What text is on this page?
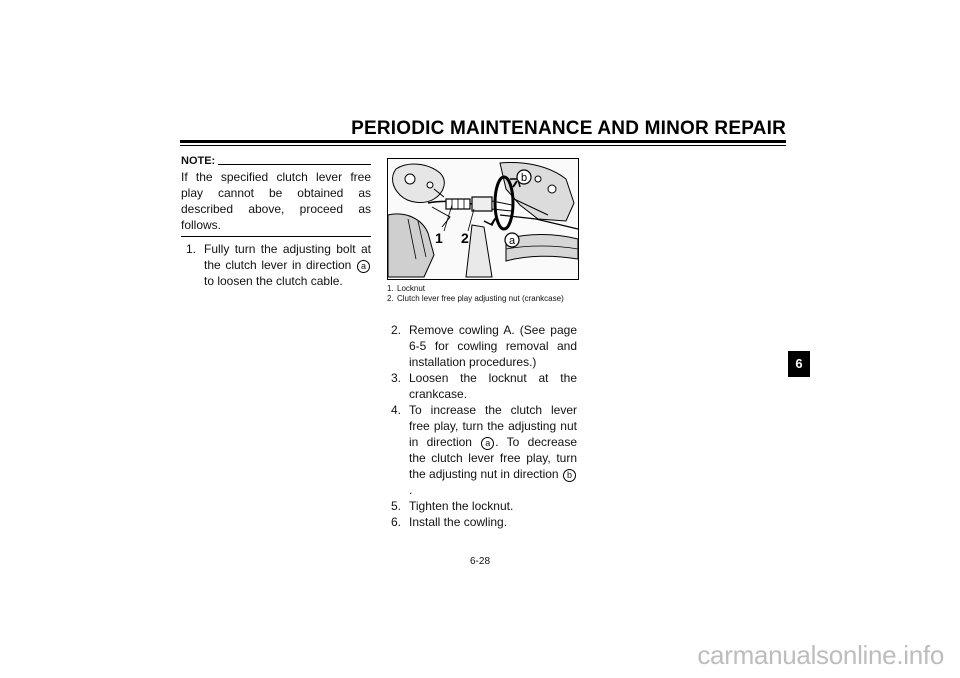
PERIODIC MAINTENANCE AND MINOR REPAIR
NOTE:
If the specified clutch lever free play cannot be obtained as described above, proceed as follows.
1. Fully turn the adjusting bolt at the clutch lever in direction a to loosen the clutch cable.
1 2	a
b
1. Locknut
2. Clutch lever free play adjusting nut (crankcase)
2. Remove cowling A. (See page 6-5 for cowling removal and installation procedures.)
3. Loosen the locknut at the crankcase.
4. To increase the clutch lever free play, turn the adjusting nut in direction a . To decrease the clutch lever free play, turn the adjusting nut in direction b.
5. Tighten the locknut.
6. Install the cowling.
6-28
6
carmanualsonline.info
